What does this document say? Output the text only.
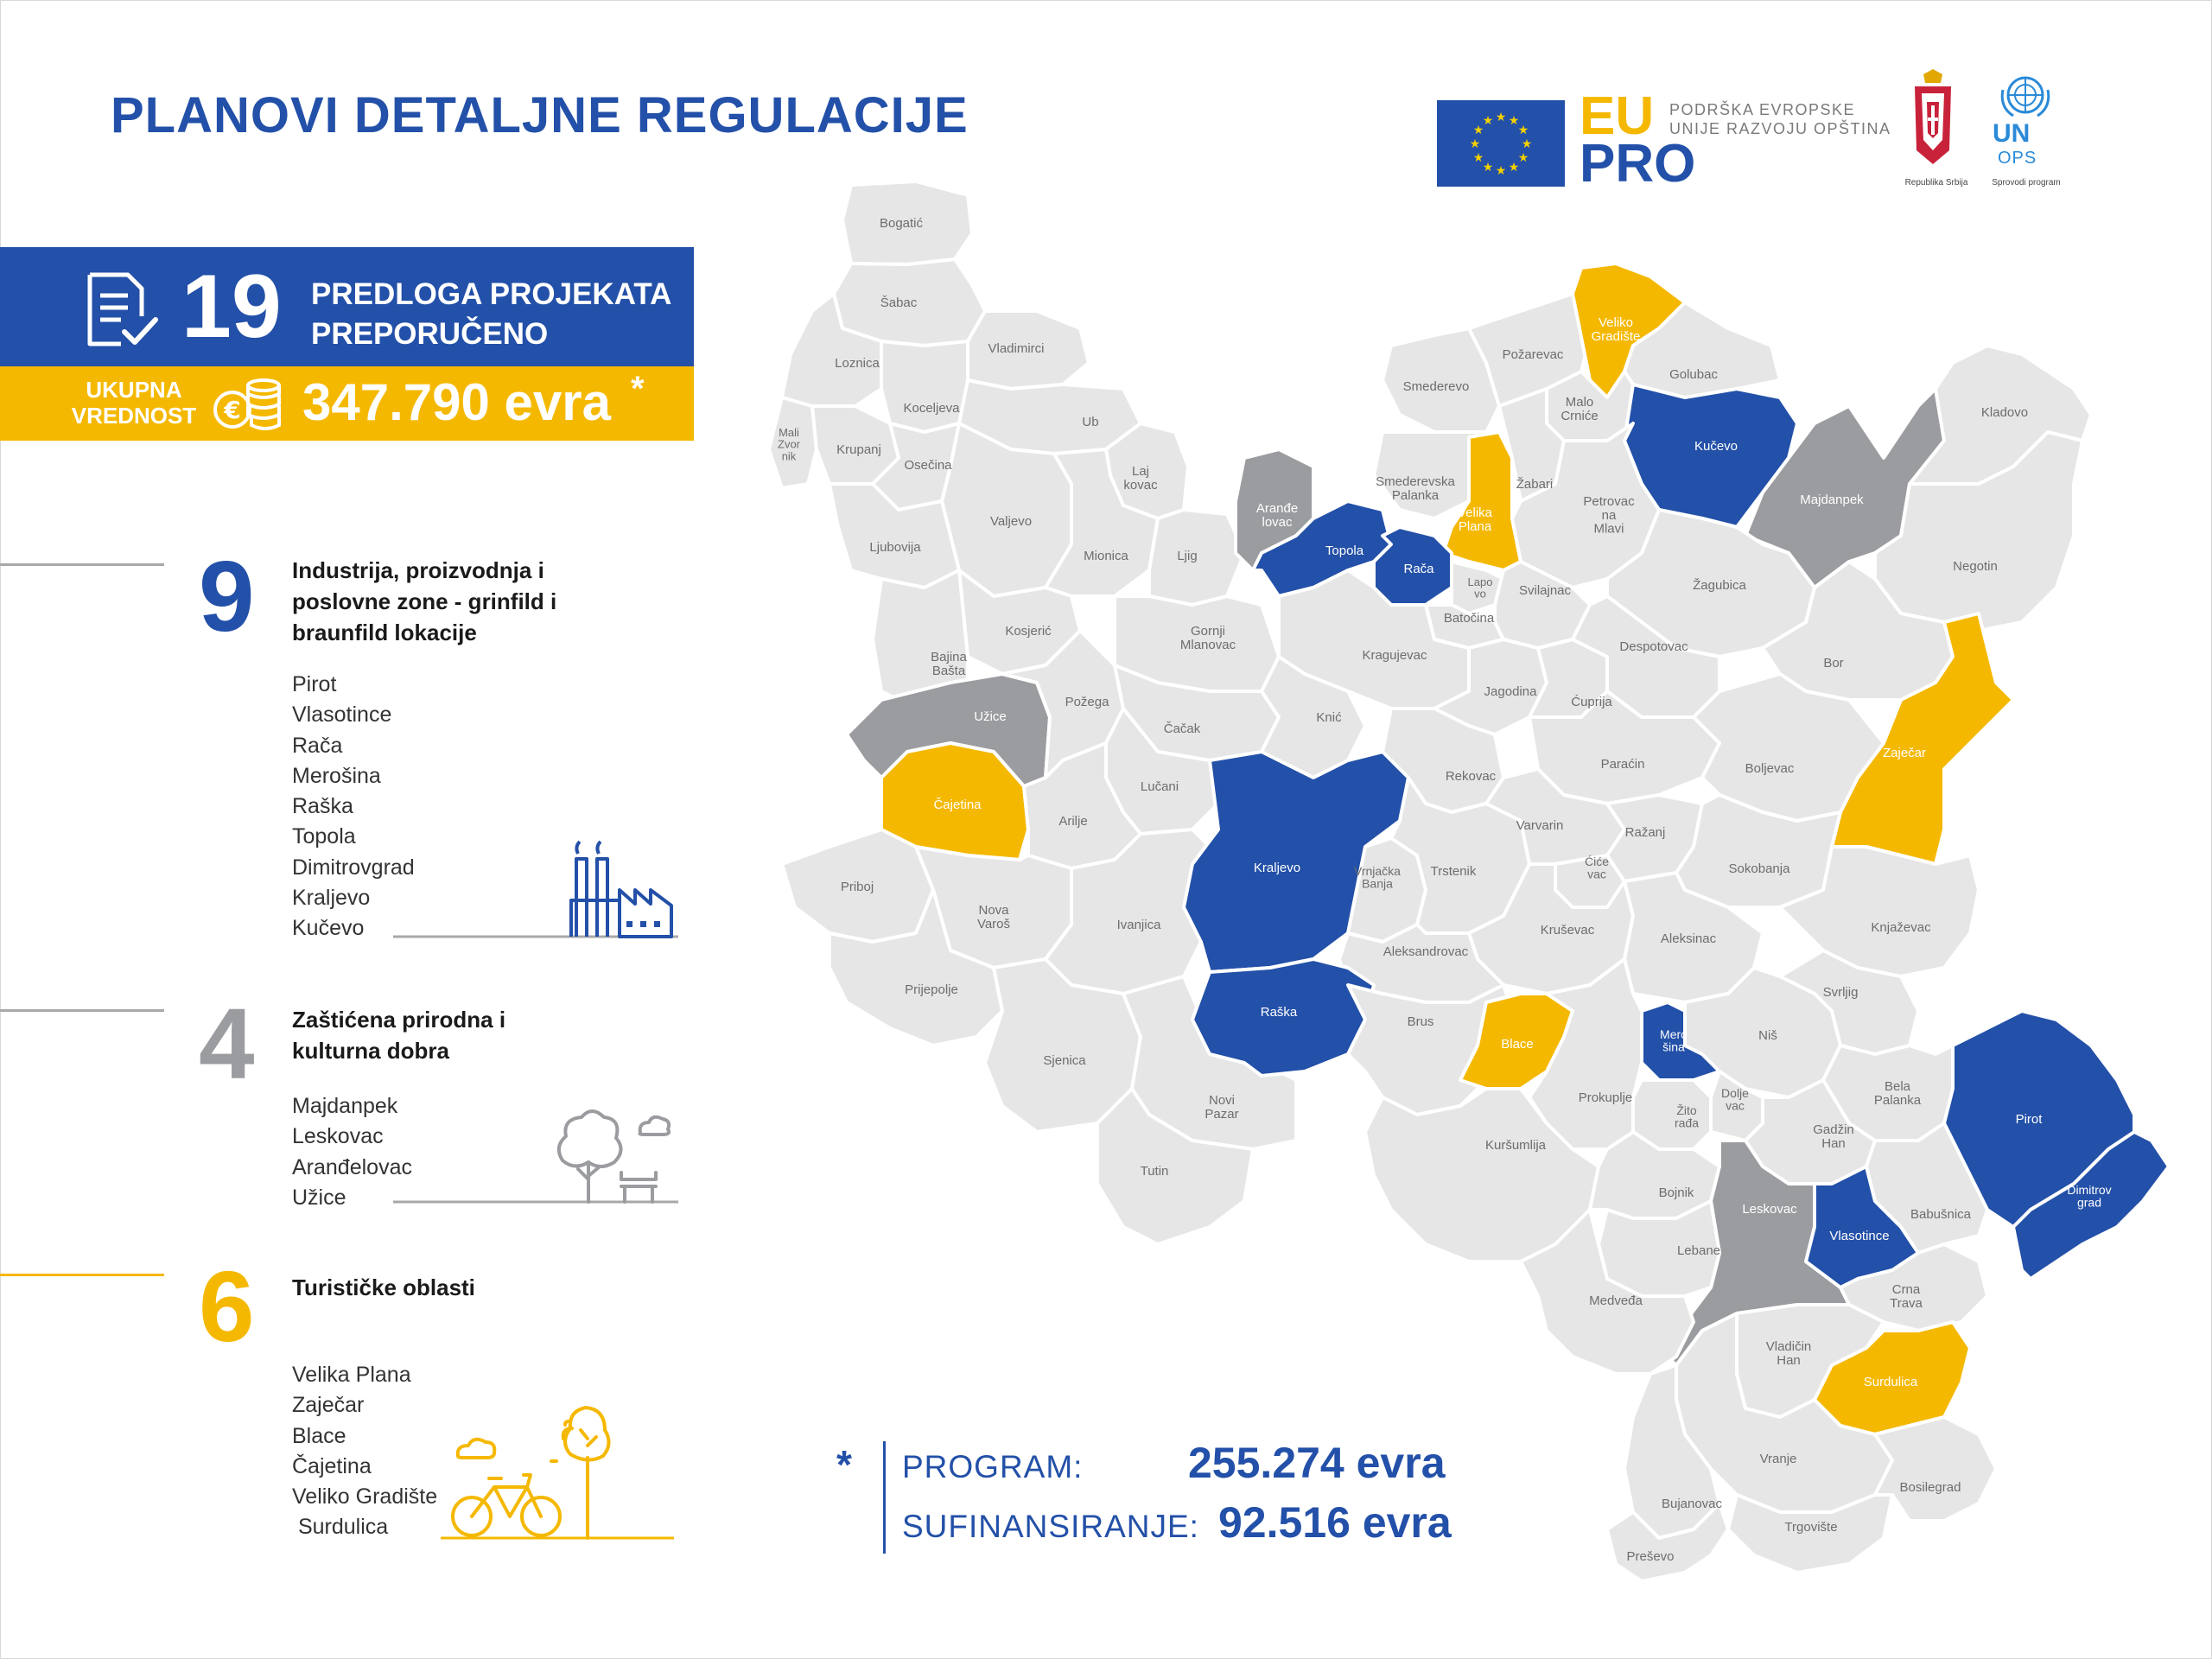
PLANOVI DETALJNE REGULACIJE	★ ★
★
★
★
★
★
★
★
★
★
★ EU
PRO
PODRŠKA EVROPSKE UNIJE RAZVOJU OPŠTINA
Republika Srbija
UN
OPS
Sprovodi program
19 PREDLOGA PROJEKATA PREPORUČENO
UKUPNA VREDNOST	€ 347.790 evra *
9 Industrija, proizvodnja i poslovne zone - grinfild i braunfild lokacije
Pirot
Vlasotince
Rača
Merošina
Raška
Topola
Dimitrovgrad
Kraljevo
Kučevo
4 Zaštićena prirodna i kulturna dobra
Majdanpek
Leskovac
Aranđelovac
Užice
6 Turističke oblasti
Velika Plana
Zaječar
Blace
Čajetina
Veliko Gradište
Surdulica
Bogatić
Šabac
Vladimirci
Loznica
Koceljeva
Ub
Mali Zvor nik	Krupanj
Osečina	Laj kovac
Valjevo
Ljubovija
Mionica	Ljig
Kosjerić
Bajina Bašta
Gornji Mlanovac
Užice
Požega
Čačak
Lučani
Čajetina
Arilje
Priboj
Nova Varoš	Ivanjica
Prijepolje
Sjenica
Novi Pazar
Tutin
Smederevo
Požarevac
Veliko Gradište
Golubac
Malo Crniće
Smederevska Palanka
Velika Plana
Žabari
Kučevo
Majdanpek
Kladovo
Aranđe lovac
Topola
Rača
Lapo vo
Batočina
Petrovac na Mlavi
Svilajnac	Žagubica
Negotin
Kragujevac
Knić
Jagodina
Ćuprija
Despotovac
Bor
Zaječar
Rekovac
Paraćin	Boljevac
Kraljevo	Vrnjačka Banja
Trstenik
Varvarin
Ćiće vac
Ražanj
Sokobanja
Kruševac
Aleksinac
Knjaževac
Aleksandrovac
Raška
Brus
Blace
Mero šina
Niš
Svrljig
Žito rađa
Dolje vac
Prokuplje
Bela Palanka
Pirot
Gadžin Han
Kuršumlija
Bojnik
Leskovac
Vlasotince
Babušnica
Dimitrov grad
Lebane
Crna Trava
Medveđa
Vladičin Han
Surdulica
Vranje
Bosilegrad
Bujanovac
Trgovište
Preševo
* PROGRAM: 255.274 evra
SUFINANSIRANJE: 92.516 evra
